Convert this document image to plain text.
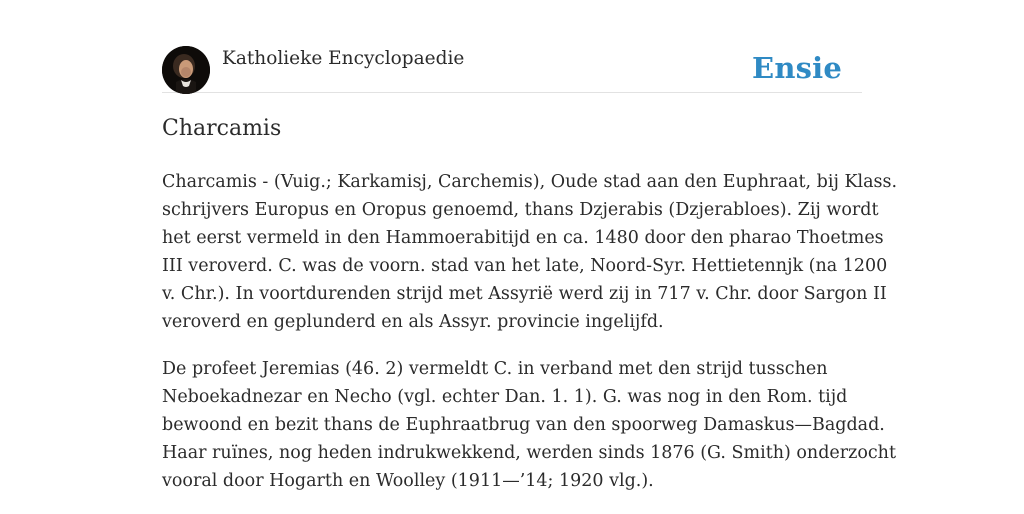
Katholieke Encyclopaedie	Ensie
Charcamis

Charcamis - (Vuig.; Karkamisj, Carchemis), Oude stad aan den Euphraat, bij Klass.
schrijvers Europus en Oropus genoemd, thans Dzjerabis (Dzjerabloes). Zij wordt
het eerst vermeld in den Hammoerabitijd en ca. 1480 door den pharao Thoetmes
III veroverd. C. was de voorn. stad van het late, Noord-Syr. Hettietennjk (na 1200
v. Chr.). In voortdurenden strijd met Assyrië werd zij in 717 v. Chr. door Sargon II
veroverd en geplunderd en als Assyr. provincie ingelijfd.

De profeet Jeremias (46. 2) vermeldt C. in verband met den strijd tusschen
Neboekadnezar en Necho (vgl. echter Dan. 1. 1). G. was nog in den Rom. tijd
bewoond en bezit thans de Euphraatbrug van den spoorweg Damaskus—Bagdad.
Haar ruïnes, nog heden indrukwekkend, werden sinds 1876 (G. Smith) onderzocht
vooral door Hogarth en Woolley (1911—’14; 1920 vlg.).
